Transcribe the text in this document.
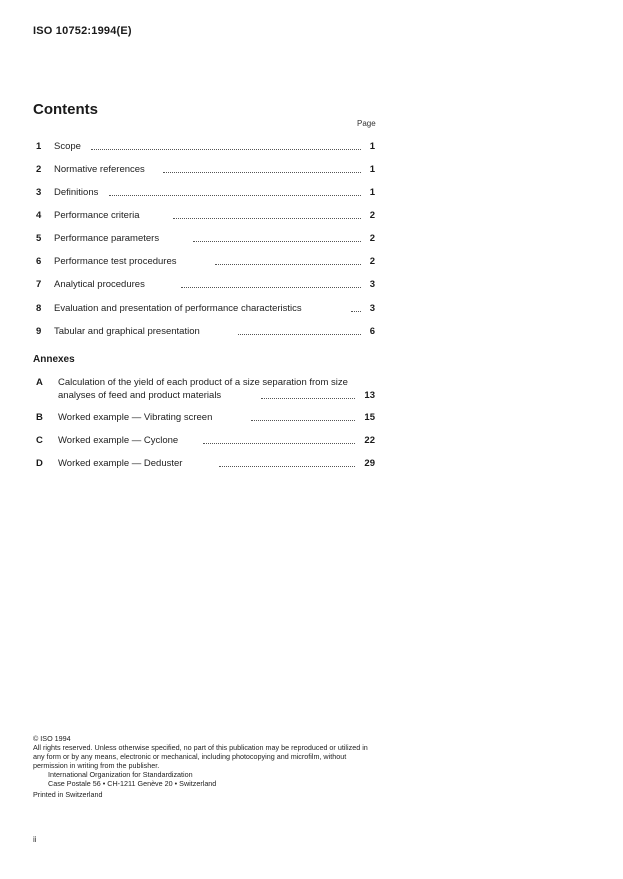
ISO 10752:1994(E)
Contents
Page
1 Scope	1
2 Normative references	1
3 Definitions	1
4 Performance criteria	2
5 Performance parameters	2
6 Performance test procedures	2
7 Analytical procedures	3
8 Evaluation and presentation of performance characteristics	3
9 Tabular and graphical presentation	6
Annexes
A Calculation of the yield of each product of a size separation from size
analyses of feed and product materials	13
B Worked example — Vibrating screen	15
C Worked example — Cyclone	22
D Worked example — Deduster	29
© ISO 1994
All rights reserved. Unless otherwise specified, no part of this publication may be reproduced or utilized in any form or by any means, electronic or mechanical, including photocopying and microfilm, without permission in writing from the publisher.
International Organization for Standardization
Case Postale 56 • CH-1211 Genève 20 • Switzerland
Printed in Switzerland
ii
